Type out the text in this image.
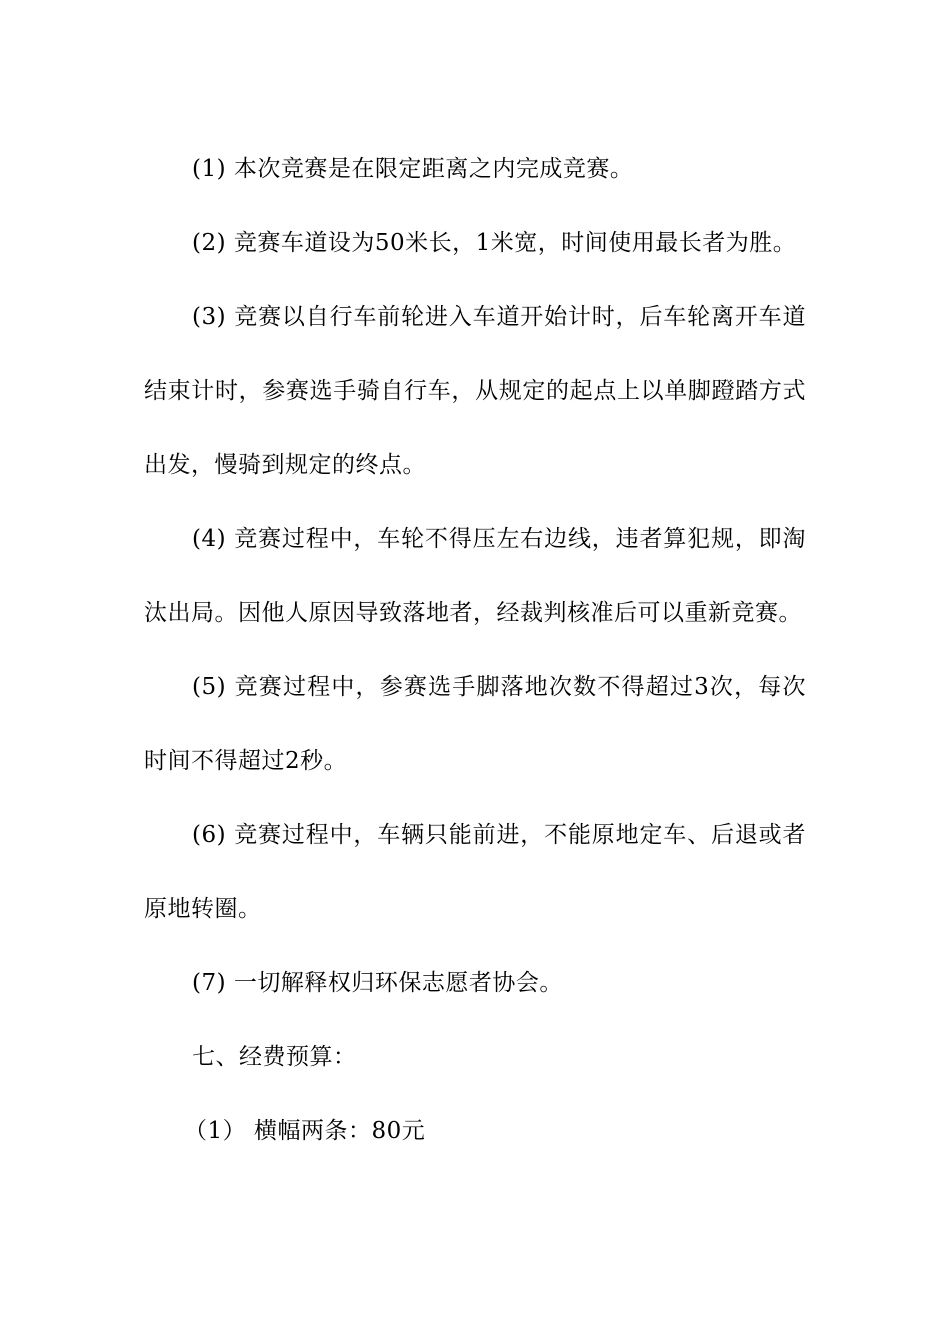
(1) 本次竞赛是在限定距离之内完成竞赛。

(2) 竞赛车道设为50米长，1米宽，时间使用最长者为胜。

(3) 竞赛以自行车前轮进入车道开始计时，后车轮离开车道结束计时，参赛选手骑自行车，从规定的起点上以单脚蹬踏方式出发，慢骑到规定的终点。

(4) 竞赛过程中，车轮不得压左右边线，违者算犯规，即淘汰出局。因他人原因导致落地者，经裁判核准后可以重新竞赛。

(5) 竞赛过程中，参赛选手脚落地次数不得超过3次，每次时间不得超过2秒。

(6) 竞赛过程中，车辆只能前进，不能原地定车、后退或者原地转圈。

(7) 一切解释权归环保志愿者协会。

七、经费预算：

（1） 横幅两条：80元
